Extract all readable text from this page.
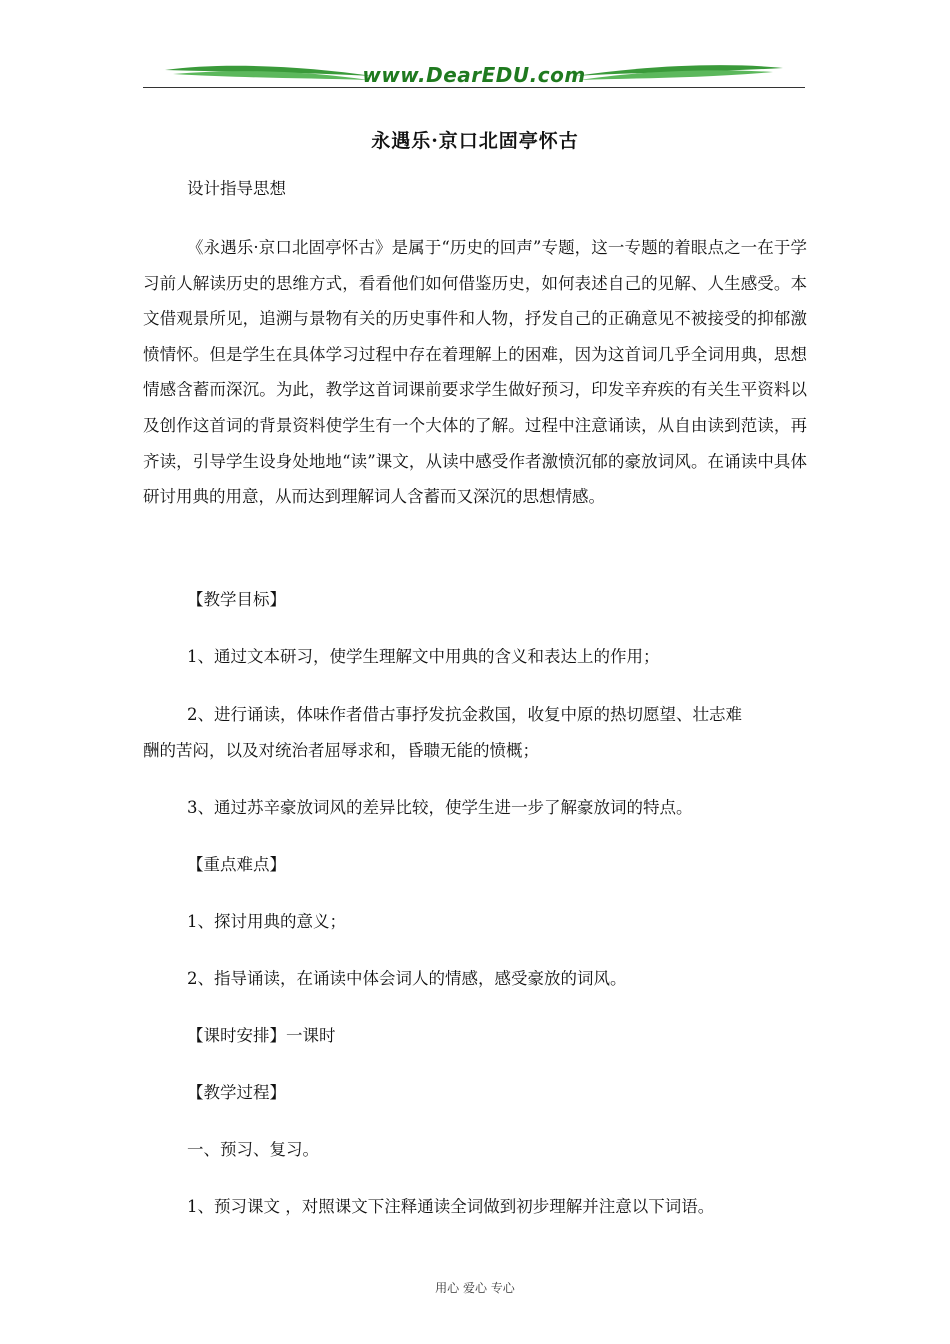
www.DearEDU.com
永遇乐·京口北固亭怀古
设计指导思想
《永遇乐·京口北固亭怀古》是属于“历史的回声”专题，这一专题的着眼点之一在于学习前人解读历史的思维方式，看看他们如何借鉴历史，如何表述自己的见解、人生感受。本文借观景所见，追溯与景物有关的历史事件和人物，抒发自己的正确意见不被接受的抑郁激愤情怀。但是学生在具体学习过程中存在着理解上的困难，因为这首词几乎全词用典，思想情感含蓄而深沉。为此，教学这首词课前要求学生做好预习，印发辛弃疾的有关生平资料以及创作这首词的背景资料使学生有一个大体的了解。过程中注意诵读，从自由读到范读，再齐读，引导学生设身处地地“读”课文，从读中感受作者激愤沉郁的豪放词风。在诵读中具体研讨用典的用意，从而达到理解词人含蓄而又深沉的思想情感。
【教学目标】
1、通过文本研习，使学生理解文中用典的含义和表达上的作用；
2、进行诵读，体味作者借古事抒发抗金救国，收复中原的热切愿望、壮志难
酬的苦闷，以及对统治者屈辱求和，昏聩无能的愤概；
3、通过苏辛豪放词风的差异比较，使学生进一步了解豪放词的特点。
【重点难点】
1、探讨用典的意义；
2、指导诵读，在诵读中体会词人的情感，感受豪放的词风。
【课时安排】一课时
【教学过程】
一、预习、复习。
1、预习课文 ，对照课文下注释通读全词做到初步理解并注意以下词语。
用心 爱心 专心
